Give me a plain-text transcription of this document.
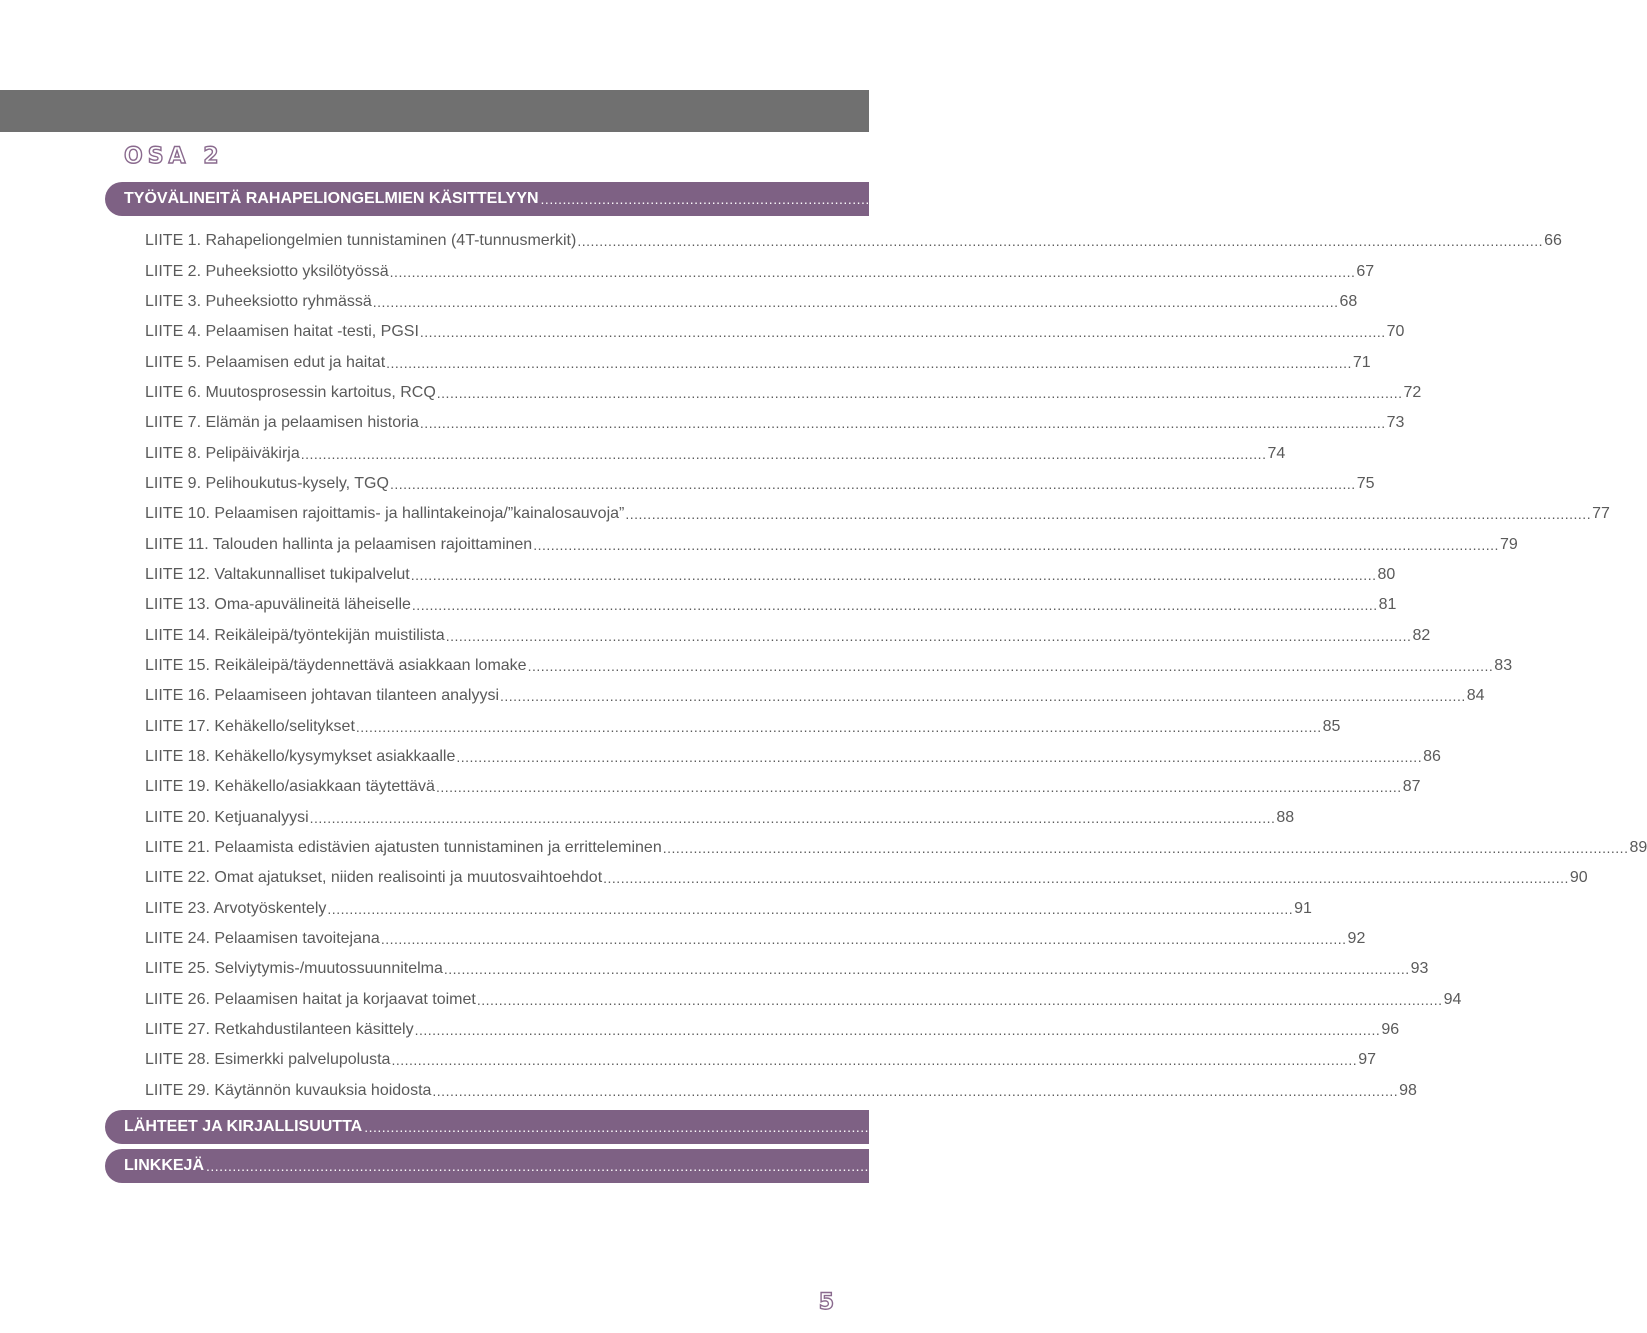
OSA 2
TYÖVÄLINEITÄ RAHAPELIONGELMIEN KÄSITTELYYN ............................................................................................................................................................................ 65
LIITE 1. Rahapeliongelmien tunnistaminen (4T-tunnusmerkit) ............................................................................................................................................................................................................................ 66
LIITE 2. Puheeksiotto yksilötyössä ............................................................................................................................................................................................................................ 67
LIITE 3. Puheeksiotto ryhmässä ............................................................................................................................................................................................................................ 68
LIITE 4. Pelaamisen haitat -testi, PGSI ............................................................................................................................................................................................................................ 70
LIITE 5. Pelaamisen edut ja haitat ............................................................................................................................................................................................................................ 71
LIITE 6. Muutosprosessin kartoitus, RCQ ............................................................................................................................................................................................................................ 72
LIITE 7. Elämän ja pelaamisen historia ............................................................................................................................................................................................................................ 73
LIITE 8. Pelipäiväkirja ............................................................................................................................................................................................................................ 74
LIITE 9. Pelihoukutus-kysely, TGQ ............................................................................................................................................................................................................................ 75
LIITE 10. Pelaamisen rajoittamis- ja hallintakeinoja/”kainalosauvoja” ............................................................................................................................................................................................................................ 77
LIITE 11. Talouden hallinta ja pelaamisen rajoittaminen ............................................................................................................................................................................................................................ 79
LIITE 12. Valtakunnalliset tukipalvelut ............................................................................................................................................................................................................................ 80
LIITE 13. Oma-apuvälineitä läheiselle ............................................................................................................................................................................................................................ 81
LIITE 14. Reikäleipä/työntekijän muistilista ............................................................................................................................................................................................................................ 82
LIITE 15. Reikäleipä/täydennettävä asiakkaan lomake ............................................................................................................................................................................................................................ 83
LIITE 16. Pelaamiseen johtavan tilanteen analyysi ............................................................................................................................................................................................................................ 84
LIITE 17. Kehäkello/selitykset ............................................................................................................................................................................................................................ 85
LIITE 18. Kehäkello/kysymykset asiakkaalle ............................................................................................................................................................................................................................ 86
LIITE 19. Kehäkello/asiakkaan täytettävä ............................................................................................................................................................................................................................ 87
LIITE 20. Ketjuanalyysi ............................................................................................................................................................................................................................ 88
LIITE 21. Pelaamista edistävien ajatusten tunnistaminen ja erritteleminen ............................................................................................................................................................................................................................ 89
LIITE 22. Omat ajatukset, niiden realisointi ja muutosvaihtoehdot ............................................................................................................................................................................................................................ 90
LIITE 23. Arvotyöskentely ............................................................................................................................................................................................................................ 91
LIITE 24. Pelaamisen tavoitejana ............................................................................................................................................................................................................................ 92
LIITE 25. Selviytymis-/muutossuunnitelma ............................................................................................................................................................................................................................ 93
LIITE 26. Pelaamisen haitat ja korjaavat toimet ............................................................................................................................................................................................................................ 94
LIITE 27. Retkahdustilanteen käsittely ............................................................................................................................................................................................................................ 96
LIITE 28. Esimerkki palvelupolusta ............................................................................................................................................................................................................................ 97
LIITE 29. Käytännön kuvauksia hoidosta ............................................................................................................................................................................................................................ 98
LÄHTEET JA KIRJALLISUUTTA ............................................................................................................................................................................ 101
LINKKEJÄ ............................................................................................................................................................................ 103
5
